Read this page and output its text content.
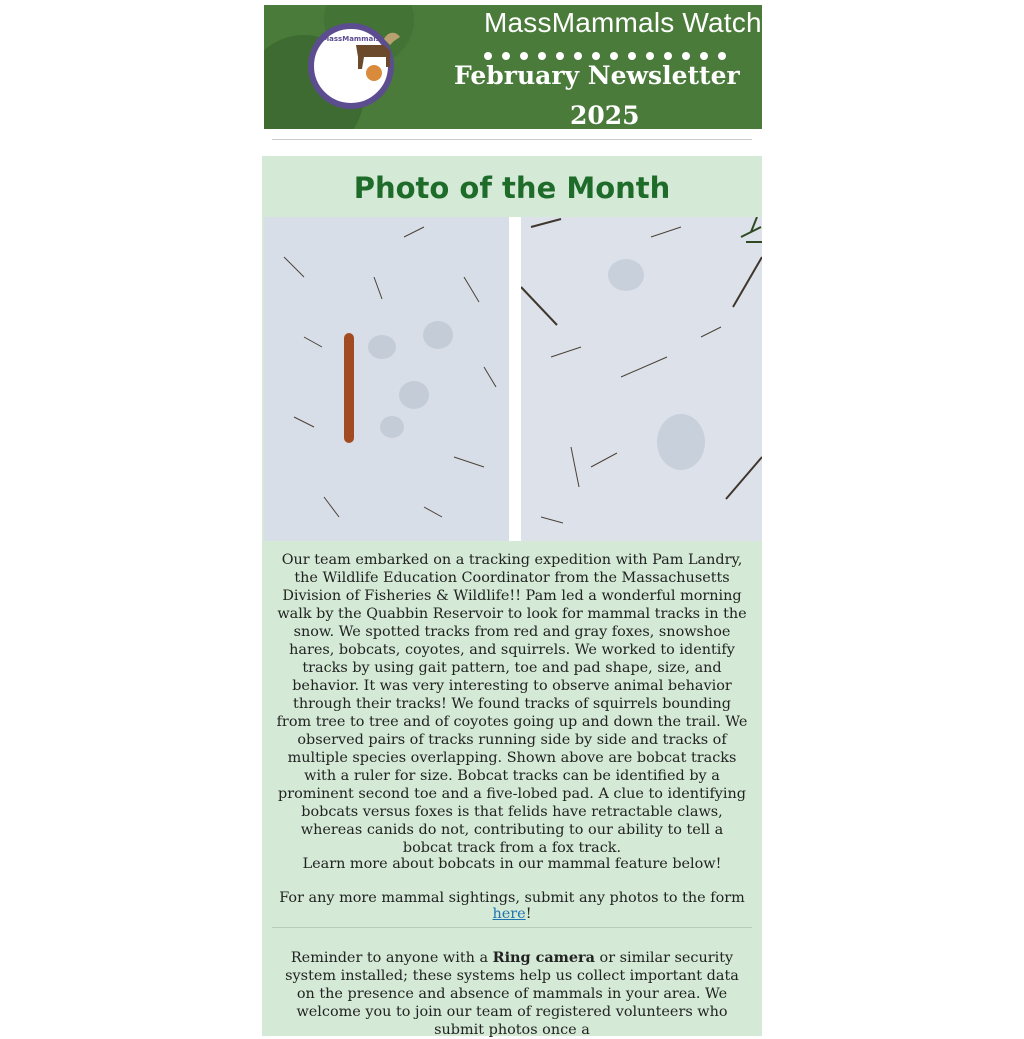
MassMammals
MassMammals Watch
February Newsletter
2025
Photo of the Month
Our team embarked on a tracking expedition with Pam Landry, the Wildlife Education Coordinator from the Massachusetts Division of Fisheries & Wildlife!! Pam led a wonderful morning walk by the Quabbin Reservoir to look for mammal tracks in the snow. We spotted tracks from red and gray foxes, snowshoe hares, bobcats, coyotes, and squirrels. We worked to identify tracks by using gait pattern, toe and pad shape, size, and behavior. It was very interesting to observe animal behavior through their tracks! We found tracks of squirrels bounding from tree to tree and of coyotes going up and down the trail. We observed pairs of tracks running side by side and tracks of multiple species overlapping. Shown above are bobcat tracks with a ruler for size. Bobcat tracks can be identified by a prominent second toe and a five-lobed pad. A clue to identifying bobcats versus foxes is that felids have retractable claws, whereas canids do not, contributing to our ability to tell a bobcat track from a fox track.
Learn more about bobcats in our mammal feature below!
For any more mammal sightings, submit any photos to the form here!
Reminder to anyone with a Ring camera or similar security system installed; these systems help us collect important data on the presence and absence of mammals in your area. We welcome you to join our team of registered volunteers who submit photos once a
